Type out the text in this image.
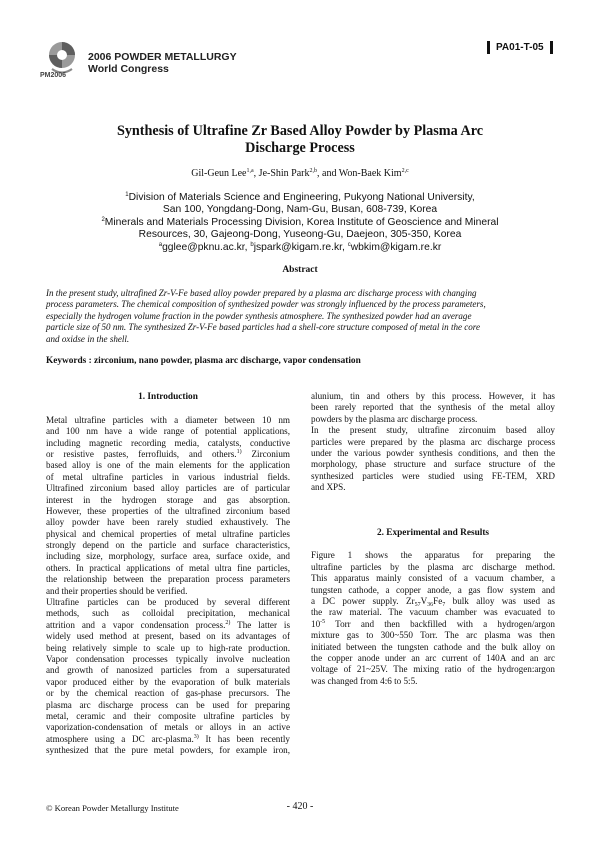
PM2006
2006 POWDER METALLURGY
World Congress
PA01-T-05
Synthesis of Ultrafine Zr Based Alloy Powder by Plasma Arc
Discharge Process
Gil-Geun Lee$^{1,a}$, Je-Shin Park$^{2,b}$, and Won-Baek Kim$^{2,c}$
$^1$Division of Materials Science and Engineering, Pukyong National University,
San 100, Yongdang-Dong, Nam-Gu, Busan, 608-739, Korea
$^2$Minerals and Materials Processing Division, Korea Institute of Geoscience and Mineral
Resources, 30, Gajeong-Dong, Yuseong-Gu, Daejeon, 305-350, Korea
$^a$gglee@pknu.ac.kr, $^b$jspark@kigam.re.kr, $^c$wbkim@kigam.re.kr
Abstract
In the present study, ultrafined Zr-V-Fe based alloy powder prepared by a plasma arc discharge process with changing
process parameters. The chemical composition of synthesized powder was strongly influenced by the process parameters,
especially the hydrogen volume fraction in the powder synthesis atmosphere. The synthesized powder had an average
particle size of 50 nm. The synthesized Zr-V-Fe based particles had a shell-core structure composed of metal in the core
and oxidse in the shell.
Keywords : zirconium, nano powder, plasma arc discharge, vapor condensation
1. Introduction
Metal ultrafine particles with a diameter between 10 nm
and 100 nm have a wide range of potential applications,
including magnetic recording media, catalysts, conductive
or resistive pastes, ferrofluids, and others.$^{1)}$ Zirconium
based alloy is one of the main elements for the application
of metal ultrafine particles in various industrial fields.
Ultrafined zirconium based alloy particles are of particular
interest in the hydrogen storage and gas absorption.
However, these properties of the ultrafined zirconium based
alloy powder have been rarely studied exhaustively. The
physical and chemical properties of metal ultrafine particles
strongly depend on the particle and surface characteristics,
including size, morphology, surface area, surface oxide, and
others. In practical applications of metal ultra fine particles,
the relationship between the preparation process parameters
and their properties should be verified.
Ultrafine particles can be produced by several different
methods, such as colloidal precipitation, mechanical
attrition and a vapor condensation process.$^{2)}$ The latter is
widely used method at present, based on its advantages of
being relatively simple to scale up to high-rate production.
Vapor condensation processes typically involve nucleation
and growth of nanosized particles from a supersaturated
vapor produced either by the evaporation of bulk materials
or by the chemical reaction of gas-phase precursors. The
plasma arc discharge process can be used for preparing
metal, ceramic and their composite ultrafine particles by
vaporization-condensation of metals or alloys in an active
atmosphere using a DC arc-plasma.$^{3)}$ It has been recently
synthesized that the pure metal powders, for example iron,
alunium, tin and others by this process. However, it has
been rarely reported that the synthesis of the metal alloy
powders by the plasma arc discharge process.
In the present study, ultrafine zirconuim based alloy
particles were prepared by the plasma arc discharge process
under the various powder synthesis conditions, and then the
morphology, phase structure and surface structure of the
synthesized particles were studied using FE-TEM, XRD
and XPS.
2. Experimental and Results
Figure 1 shows the apparatus for preparing the
ultrafine particles by the plasma arc discharge method.
This apparatus mainly consisted of a vacuum chamber, a
tungsten cathode, a copper anode, a gas flow system and
a DC power supply. $Zr_{57}V_{36}Fe_7$ bulk alloy was used as
the raw material. The vacuum chamber was evacuated to
$10^{-5}$ Torr and then backfilled with a hydrogen/argon
mixture gas to 300~550 Torr. The arc plasma was then
initiated between the tungsten cathode and the bulk alloy on
the copper anode under an arc current of 140A and an arc
voltage of 21~25V. The mixing ratio of the hydrogen:argon
was changed from 4:6 to 5:5.
© Korean Powder Metallurgy Institute	- 420 -
